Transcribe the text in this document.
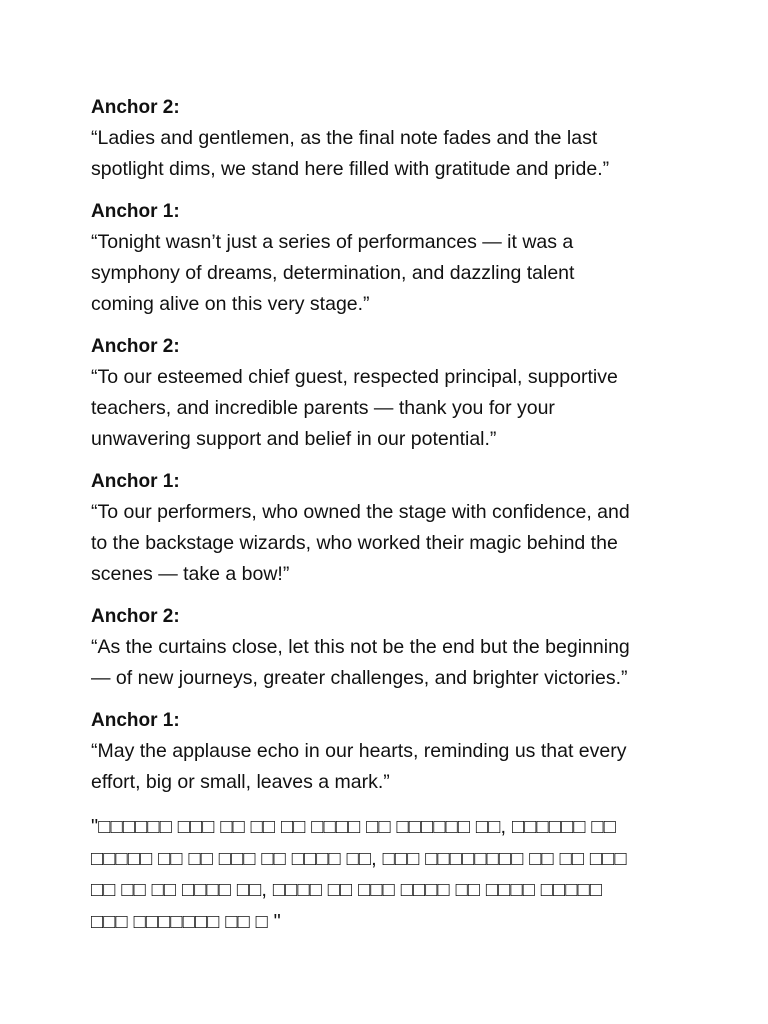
Anchor 2:

“Ladies and gentlemen, as the final note fades and the last

spotlight dims, we stand here filled with gratitude and pride.”

Anchor 1:

“Tonight wasn’t just a series of performances — it was a

symphony of dreams, determination, and dazzling talent

coming alive on this very stage.”

Anchor 2:

“To our esteemed chief guest, respected principal, supportive

teachers, and incredible parents — thank you for your

unwavering support and belief in our potential.”

Anchor 1:

“To our performers, who owned the stage with confidence, and

to the backstage wizards, who worked their magic behind the

scenes — take a bow!”

Anchor 2:

“As the curtains close, let this not be the end but the beginning

— of new journeys, greater challenges, and brighter victories.”

Anchor 1:

“May the applause echo in our hearts, reminding us that every

effort, big or small, leaves a mark.”

"□□□□□□ □□□ □□ □□ □□ □□□□ □□ □□□□□□ □□, □□□□□□ □□

□□□□□ □□ □□ □□□ □□ □□□□ □□, □□□ □□□□□□□□ □□ □□ □□□

□□ □□ □□ □□□□ □□, □□□□ □□ □□□ □□□□ □□ □□□□ □□□□□

□□□ □□□□□□□ □□ □ "
